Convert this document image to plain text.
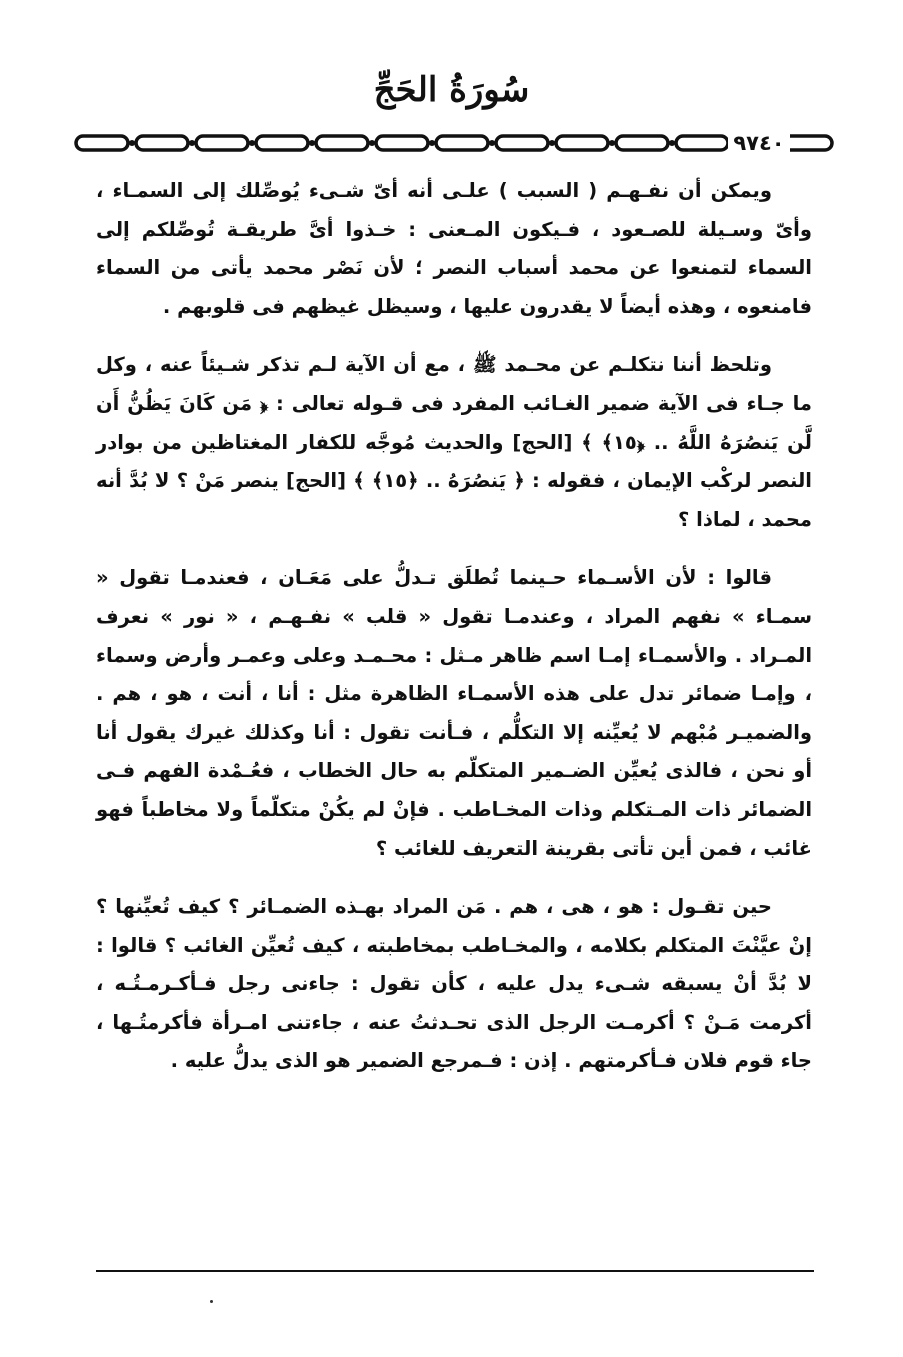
سُورَةُ الحَجِّ
٩٧٤٠

ويمكن أن نفـهـم ( السبب ) علـى أنه أىّ شـىء يُوصِّلك إلى السمـاء ، وأىّ وسـيلة للصـعود ، فـيكون المـعنى : خـذوا أىَّ طريقـة تُوصِّلكم إلى السماء لتمنعوا عن محمد أسباب النصر ؛ لأن نَصْر محمد يأتى من السماء فامنعوه ، وهذه أيضاً لا يقدرون عليها ، وسيظل غيظهم فى قلوبهم .

وتلحظ أننا نتكلـم عن محـمد ﷺ ، مع أن الآية لـم تذكر شـيئاً عنه ، وكل ما جـاء فى الآية ضمير الغـائب المفرد فى قـوله تعالى : ﴿ مَن كَانَ يَظُنُّ أَن لَّن يَنصُرَهُ اللَّهُ .. ﴿١٥﴾ ﴾ [الحج] والحديث مُوجَّه للكفار المغتاظين من بوادر النصر لركْب الإيمان ، فقوله : ﴿ يَنصُرَهُ .. ﴿١٥﴾ ﴾ [الحج] ينصر مَنْ ؟ لا بُدَّ أنه محمد ، لماذا ؟

قالوا : لأن الأسـماء حـينما تُطلَق تـدلُّ على مَعَـان ، فعندمـا تقول « سمـاء » نفهم المراد ، وعندمـا تقول « قلب » نفـهـم ، « نور » نعرف المـراد . والأسمـاء إمـا اسم ظاهر مـثل : محـمـد وعلى وعمـر وأرض وسماء ، وإمـا ضمائر تدل على هذه الأسمـاء الظاهرة مثل : أنا ، أنت ، هو ، هم . والضميـر مُبْهم لا يُعيِّنه إلا التكلُّم ، فـأنت تقول : أنا وكذلك غيرك يقول أنا أو نحن ، فالذى يُعيِّن الضـمير المتكلّم به حال الخطاب ، فعُـمْدة الفهم فـى الضمائر ذات المـتكلم وذات المخـاطب . فإنْ لم يكُنْ متكلّماً ولا مخاطباً فهو غائب ، فمن أين تأتى بقرينة التعريف للغائب ؟

حين تقـول : هو ، هى ، هم . مَن المراد بهـذه الضمـائر ؟ كيف تُعيِّنها ؟ إنْ عيَّنْتَ المتكلم بكلامه ، والمخـاطب بمخاطبته ، كيف تُعيِّن الغائب ؟ قالوا : لا بُدَّ أنْ يسبقه شـىء يدل عليه ، كأن تقول : جاءنى رجل فـأكـرمـتُـه ، أكرمت مَـنْ ؟ أكرمـت الرجل الذى تحـدثتُ عنه ، جاءتنى امـرأة فأكرمتُـها ، جاء قوم فلان فـأكرمتهم . إذن : فـمرجع الضمير هو الذى يدلُّ عليه .
